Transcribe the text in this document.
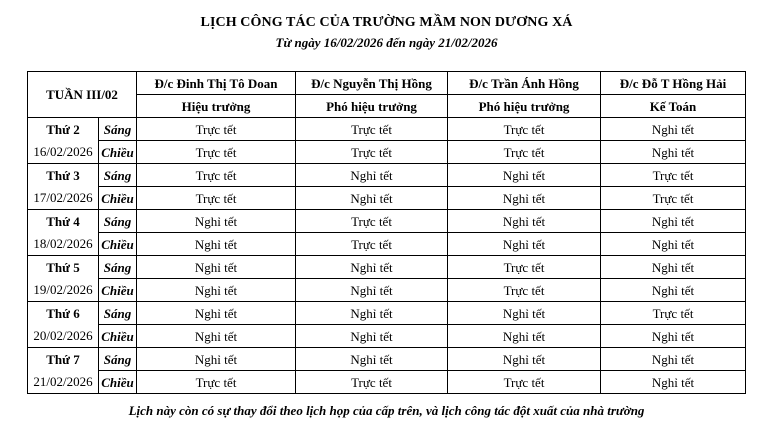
LỊCH CÔNG TÁC CỦA TRƯỜNG MẦM NON DƯƠNG XÁ
Từ ngày 16/02/2026 đến ngày 21/02/2026
TUẦN III/02		Đ/c Đinh Thị Tô Doan	Đ/c Nguyễn Thị Hồng	Đ/c Trần Ánh Hồng	Đ/c Đỗ T Hồng Hải
		Hiệu trưởng	Phó hiệu trưởng	Phó hiệu trưởng	Kế Toán
Thứ 2	Sáng	Trực tết	Trực tết	Trực tết	Nghỉ tết
16/02/2026	Chiều	Trực tết	Trực tết	Trực tết	Nghỉ tết
Thứ 3	Sáng	Trực tết	Nghỉ tết	Nghỉ tết	Trực tết
17/02/2026	Chiều	Trực tết	Nghỉ tết	Nghỉ tết	Trực tết
Thứ 4	Sáng	Nghỉ tết	Trực tết	Nghỉ tết	Nghỉ tết
18/02/2026	Chiều	Nghỉ tết	Trực tết	Nghỉ tết	Nghỉ tết
Thứ 5	Sáng	Nghỉ tết	Nghỉ tết	Trực tết	Nghỉ tết
19/02/2026	Chiều	Nghỉ tết	Nghỉ tết	Trực tết	Nghỉ tết
Thứ 6	Sáng	Nghỉ tết	Nghỉ tết	Nghỉ tết	Trực tết
20/02/2026	Chiều	Nghỉ tết	Nghỉ tết	Nghỉ tết	Nghỉ tết
Thứ 7	Sáng	Nghỉ tết	Nghỉ tết	Nghỉ tết	Nghỉ tết
21/02/2026	Chiều	Trực tết	Trực tết	Trực tết	Nghỉ tết
Lịch này còn có sự thay đổi theo lịch họp của cấp trên, và lịch công tác đột xuất của nhà trường
